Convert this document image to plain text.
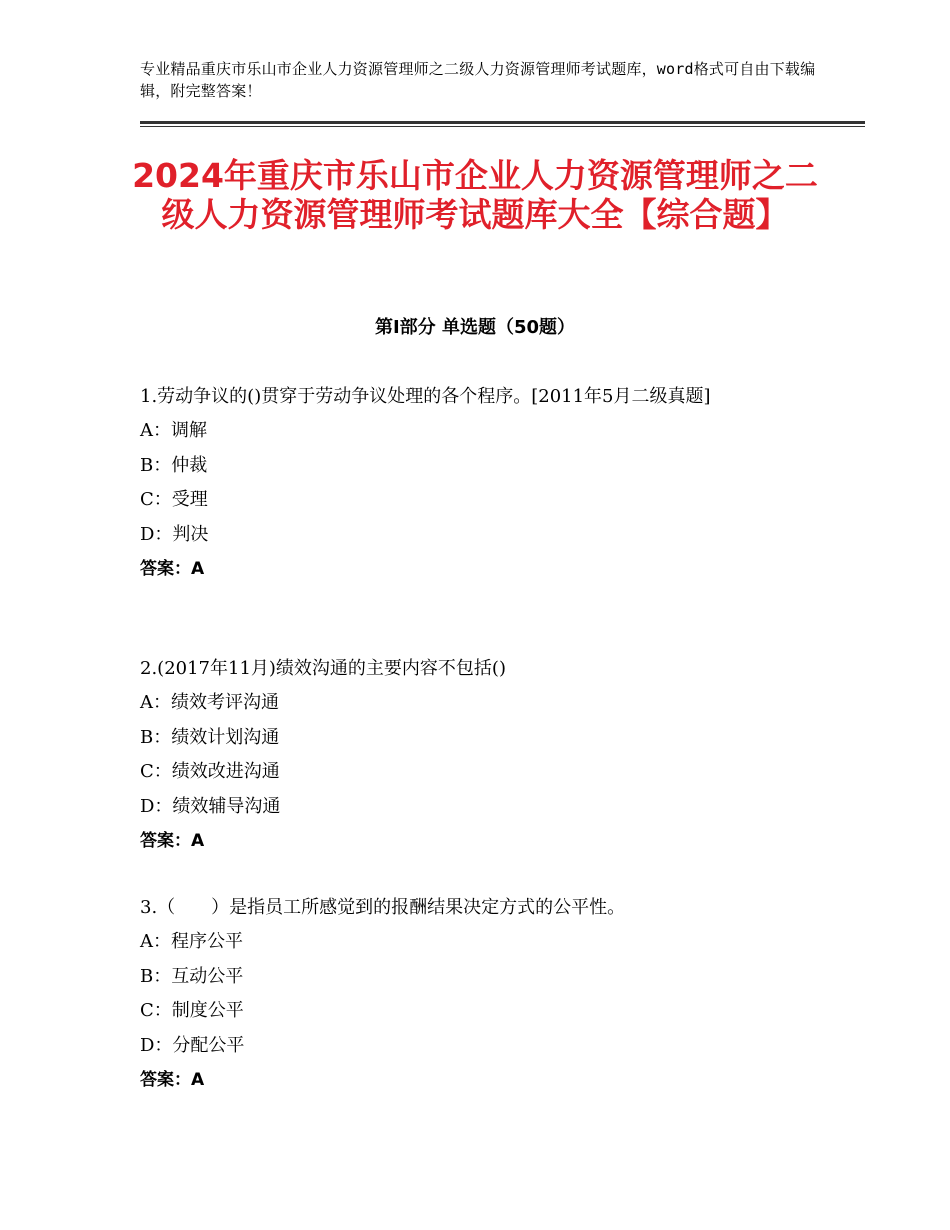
专业精品重庆市乐山市企业人力资源管理师之二级人力资源管理师考试题库，word格式可自由下载编辑，附完整答案！
2024年重庆市乐山市企业人力资源管理师之二级人力资源管理师考试题库大全【综合题】
第Ⅰ部分 单选题（50题）

1.劳动争议的()贯穿于劳动争议处理的各个程序。[2011年5月二级真题]

A：调解

B：仲裁

C：受理

D：判决

答案：A

2.(2017年11月)绩效沟通的主要内容不包括()

A：绩效考评沟通

B：绩效计划沟通

C：绩效改进沟通

D：绩效辅导沟通

答案：A

3.（　　）是指员工所感觉到的报酬结果决定方式的公平性。

A：程序公平

B：互动公平

C：制度公平

D：分配公平

答案：A
